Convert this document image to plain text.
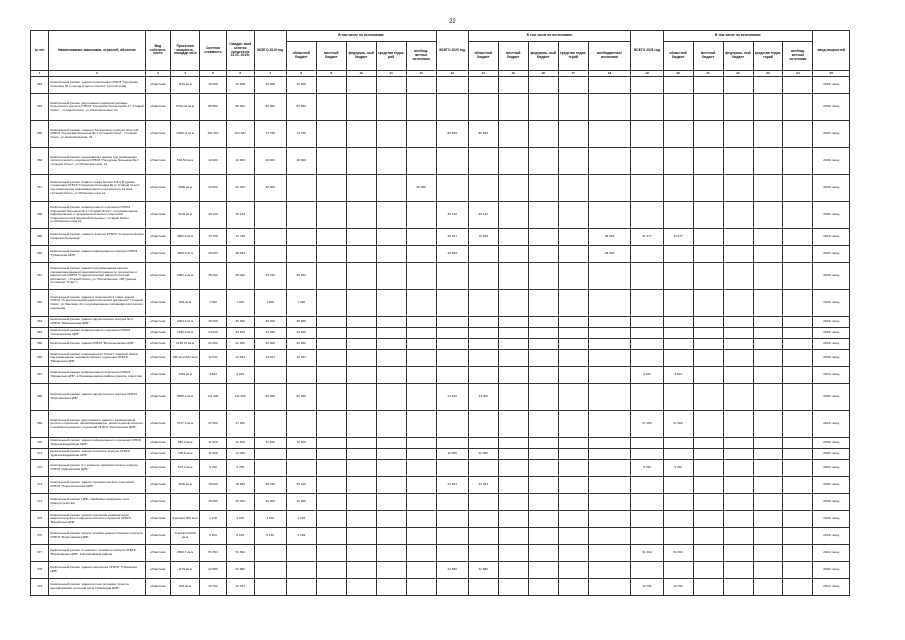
22
№ п/п	Наименование заказчиков, отраслей, объектов	Вид собствен- ности	Проектная мощность, площадь кв.м	Сметная стоимость	Ожидае- мый остаток средств на 01.01. 2019г.	ВСЕГО 2019 год	В том числе по источникам:					ВСЕГО 2020 год	В том числе по источникам:					ВСЕГО 2021 год	В том числе по источникам:					ввод мощностей
							областной бюджет	местный бюджет	федераль- ный бюджет	средства терри- рий	внебюд- жетные источники		областной бюджет	местный бюджет	федераль- ный бюджет	средства терри- терий	внебюджетные источники		областной бюджет	местный бюджет	федераль- ный бюджет	средства терри- торий	внебюд- жетные источники	
1	2	3	4	5	6	7	8	9	10	11	12	13	14	15	16	17	18	19	20	21	22	23	24	25
353	Капитальный ремонт здания поликлиники ОГБУЗ "Городская больница № 2 города Старого Оскола" (третий этаж)	областная	1129 кв.м	16 608	16 608	16 608	16 608																	2019г. ввод
354	Капитальный ремонт двухэтажного административно-больничного корпуса ОГБУЗ "Городская больница № 1 г. Старый Оскол", г.Старый Оскол, ул.Комсомольская, 63	областная	5794,41 кв.м	85 582	85 582	85 582	85 582																	2019г. ввод
355	Капитальный ремонт главного больничного корпуса блок А-Б ОГБУЗ "Городская больница № 1 г.Старый Оскол", г.Старый Оскол, ул.Комсомольская, 61	областная	10601,8 кв.м	161 467	161 467	74 758	74 758					86 659	86 659											2020г. ввод
356	Капитальный ремонт одноэтажного здания под размещение патологического отделения ОГБУЗ "Городская больница № 2 г.Старый Оскол", ул.Ублинские горы, 1в	областная	503,59 кв.м	10 000	10 000	10 000	10 000																	2019г. ввод
357	Капитальный ремонт первого этажа блоков А,Б и В здания стационара ОГБУЗ "Городская больница № 2 г.Старый Оскол" под размещение реанимационного отделения на 12 коек, г.Старый Оскол, ул.Ублинские горы,1в	областная	3090 кв.м	20 000	20 000	20 000					20 000													2019г. ввод
358	Капитальный ремонт инфекционного отделения ОГБУЗ "Городская больница № 2 г.Старый Оскол", под размещение инфекционного и пульмонологического отделений Старооскольской окружной больницы, г.Старый Оскол, ул.Ублинские горы,1в	областная	2135 кв.м	36 142	36 142							36 142	36 142											2020г. ввод
359	Капитальный ремонт главного корпуса ОГБУЗ "Старооскольская городская больница"	областная	4894,6 кв.м	79 798	79 798							48 221	19 629				28 592	31 577	31 577					2021г. ввод
360	Капитальный ремонт здания инфекционного корпуса ОГБУЗ "Губкинская ЦРБ"	областная	4839,8 кв.м	28 693	28 693							28 693					28 693							2020г. ввод
361	Капитальный ремонт здания под размещение Центра специализированной медицинской помощи по психиатрии и наркологии ОГБУЗ "Старооскольский наркологический диспансер", г.Старый Оскол, ул. Пролетарская, 105 (здание гостиницы "Старт")	областная	2961,2 кв.м	35 442	35 442	35 442	35 442																	2019г. ввод
362	Капитальный ремонт здания и помещений 4 этажа здания ОГБУЗ "Старооскольский наркологический диспансер" г.Старый Оскол, ул.Хмелева, 2а, под размещение психоневрологического отделения	областная	899 кв.м	7 000	7 000	7 000	7 000																	2019г. ввод
363	Капитальный ремонт здания хирургического корпуса № 3 ОГБУЗ "Шебекинская ЦРБ"	областная	2303,6 кв.м	35 000	35 000	35 000	35 000																	2019г. ввод
364	Капитальный ремонт инфекционного отделения ОГБУЗ "Алексеевская ЦРБ"	областная	1245,9 кв.м	24 620	24 620	24 620	24 620																	2019г. ввод
365	Капитальный ремонт здания ОГБУЗ "Волоконовская ЦРБ"	областная	2135,15 кв.м	22 000	22 000	22 000	22 000																	2019г. ввод
366	Капитальный ремонт операционного блока с заменой лифта под размещение эндоваскулярного отделения ОГБУЗ "Ивнянская ЦРБ"	областная	259 кв.м 647 кв.м	12 541	12 541	12 541	12 541																	2019г. ввод
367	Капитальный ремонт инфекционного отделения ОГБУЗ "Ивнянская ЦРБ", в Новоивановском районе (кровля, отмостка)	областная	1394 кв.м	3 624	3 624													3 624	3 624					2021г. ввод
368	Капитальный ремонт здания хирургического корпуса ОГБУЗ "Корочанская ЦРБ"	областная	6558,2 кв.м	111 000	111 000	66 600	66 600					44 400	44 400											2020г. ввод
369	Капитальный ремонт двухэтажного здания с размещением детского отделения, физиобарокамеры, физиотерапевтического и реабилитационного отделений ОГБУЗ "Корочанская ЦРБ"	областная	3717,5 кв.м	47 000	47 000													47 000	47 000					2021г. ввод
370	Капитальный ремонт здания инфекционного отделения ОГБУЗ "Красногвардейская ЦРБ"	областная	683,3 кв.м	11 620	11 620	11 620	11 620																	2019г. ввод
371	Капитальный ремонт здания лечебного корпуса ОГБУЗ "Красногвардейская ЦРБ"	областная	708,8 кв.м	11 066	11 066							11 066	11 066											2020г. ввод
372	Капитальный ремонт 2-х этажного терапевтического корпуса ОГБУЗ "Краснянская ЦРБ"	областная	573,3 кв.м	9 790	9 790													9 790	9 790					2021г. ввод
373	Капитальный ремонт здания терапевтического отделения ОГБУЗ "Новооскольская ЦРБ"	областная	4630 кв.м	78 846	78 846	55 192	55 192					23 654	23 654											2020г. ввод
374	Капитальный ремонт ЦРБ, г.Шебекино (наружные сети, благоустройство)	областная		15 000	15 000	15 000	15 000																	2019г. ввод
375	Капитальный ремонт кровли отделения реабилитации неврологического и кардиологического профиля ОГБУЗ "Валуйская ЦРБ"	областная	5 кровли 900 кв.м	1 978	1 978	1 978	1 978																	2019г. ввод
376	Капитальный ремонт кровли лечебно-диагностического корпуса ОГБУЗ "Борисовская ЦРБ"	областная	S кровли 2200 кв.м	6 169	6 169	6 169	6 169																	2019г. ввод
377	Капитальный ремонт 2-этажного лечебного корпуса ОГБУЗ "Борисовская ЦРБ", в Борисовском районе	областная	2569,7 кв.м	51 394	51 394													51 394	51 394					2021г. ввод
378	Капитальный ремонт здания пищеблока ОГБУЗ "Губкинская ЦРБ"	областная	1179 кв.м	22 880	22 880							22 880	22 880											2020г. ввод
379	Капитальный ремонт здания аптеки (в рамках проекта централизации аптечной сети) Губкинская ЦРБ"	областная	833 кв.м	10 761	10 761													10 761	10 761					2021г. ввод
